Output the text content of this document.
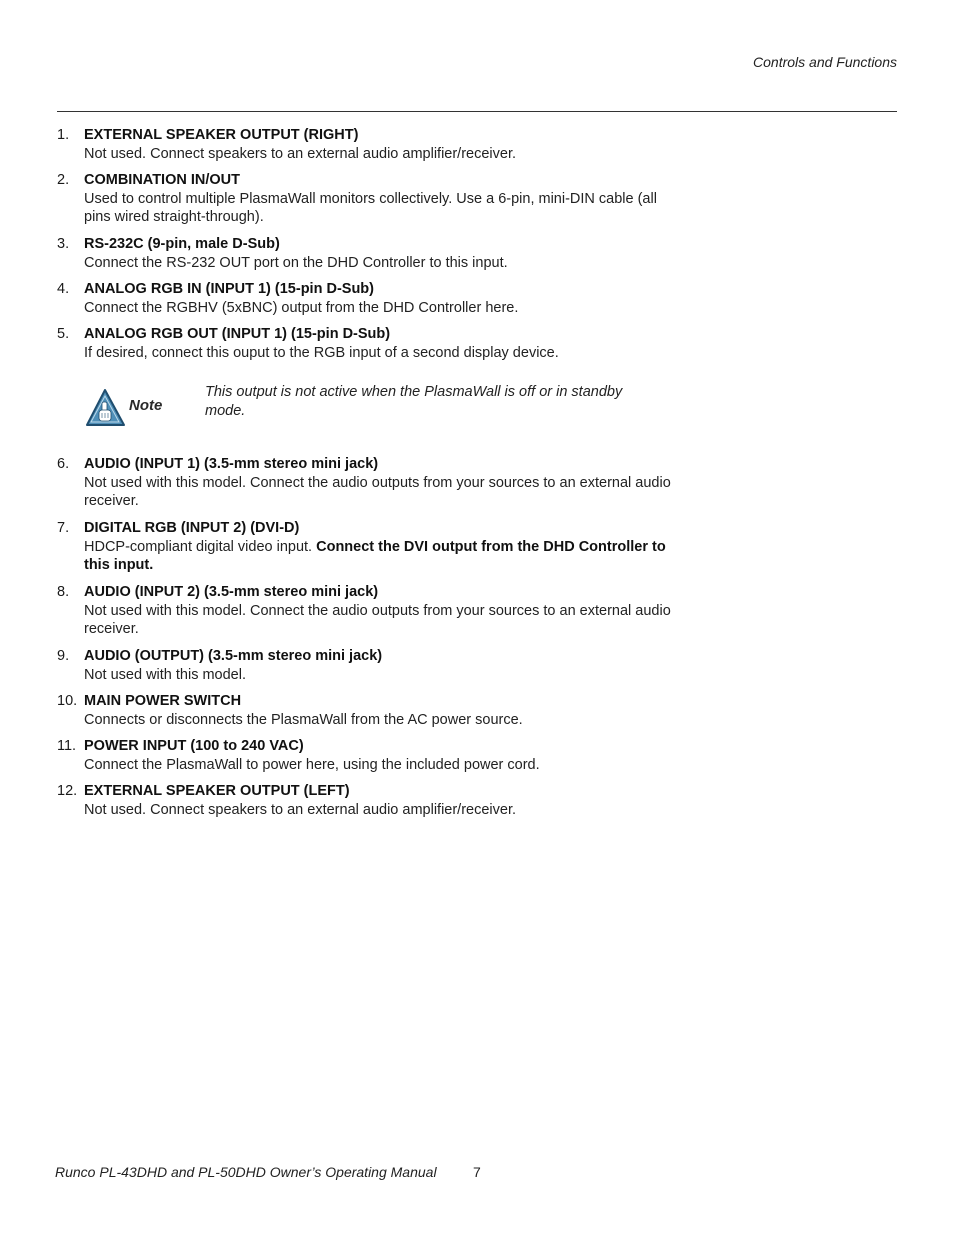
Controls and Functions
1.	EXTERNAL SPEAKER OUTPUT (RIGHT)
Not used. Connect speakers to an external audio amplifier/receiver.
2.	COMBINATION IN/OUT
Used to control multiple PlasmaWall monitors collectively. Use a 6-pin, mini-DIN cable (all pins wired straight-through).
3.	RS-232C (9-pin, male D-Sub)
Connect the RS-232 OUT port on the DHD Controller to this input.
4.	ANALOG RGB IN (INPUT 1) (15-pin D-Sub)
Connect the RGBHV (5xBNC) output from the DHD Controller here.
5.	ANALOG RGB OUT (INPUT 1) (15-pin D-Sub)
If desired, connect this ouput to the RGB input of a second display device.
Note
This output is not active when the PlasmaWall is off or in standby mode.
6.	AUDIO (INPUT 1) (3.5-mm stereo mini jack)
Not used with this model. Connect the audio outputs from your sources to an external audio receiver.
7.	DIGITAL RGB (INPUT 2) (DVI-D)
HDCP-compliant digital video input. Connect the DVI output from the DHD Controller to this input.
8.	AUDIO (INPUT 2) (3.5-mm stereo mini jack)
Not used with this model. Connect the audio outputs from your sources to an external audio receiver.
9.	AUDIO (OUTPUT) (3.5-mm stereo mini jack)
Not used with this model.
10. MAIN POWER SWITCH
Connects or disconnects the PlasmaWall from the AC power source.
11. POWER INPUT (100 to 240 VAC)
Connect the PlasmaWall to power here, using the included power cord.
12. EXTERNAL SPEAKER OUTPUT (LEFT)
Not used. Connect speakers to an external audio amplifier/receiver.
Runco PL-43DHD and PL-50DHD Owner’s Operating Manual	7
